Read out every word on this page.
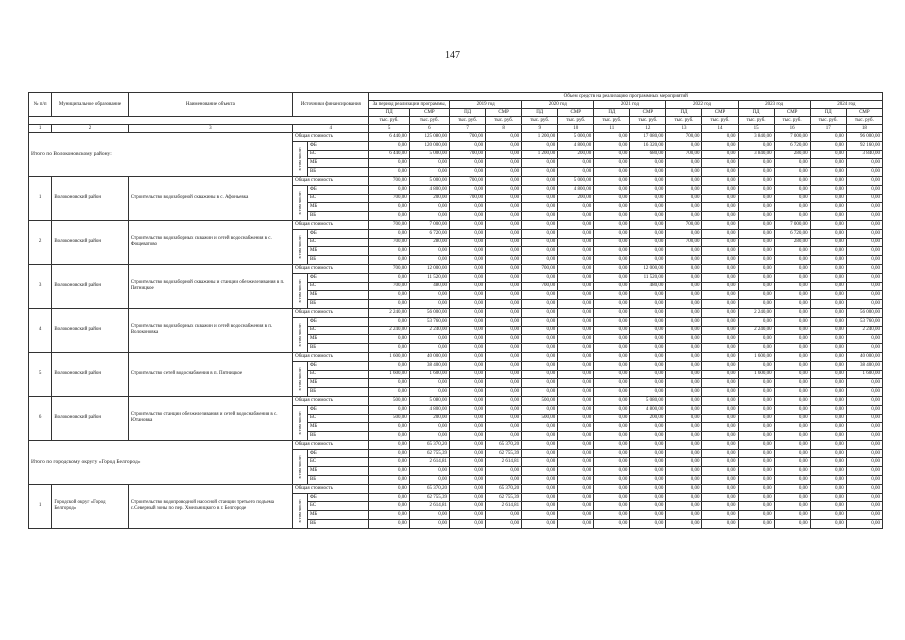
147
№ п/п	Муниципальное образование	Наименование объекта	Источники финансирования		Объем средств на реализацию программных мероприятий													
					За период реализации программы,		2019 год		2020 год		2021 год		2022 год		2023 год		2024 год	

					ПД	СМР	ПД	СМР	ПД	СМР	ПД	СМР	ПД	СМР	ПД	СМР	ПД	СМР
					тыс. руб.	тыс. руб.	тыс. руб.	тыс. руб.	тыс. руб.	тыс. руб.	тыс. руб.	тыс. руб.	тыс. руб.	тыс. руб.	тыс. руб.	тыс. руб.	тыс. руб.	тыс. руб.
1	2	3	4		5	6	7	8	9	10	11	12	13	14	15	16	17	18
Итого по Волоконовскому району:			Общая стоимость		6 440,00	125 080,00	700,00	0,00	1 200,00	5 000,00	0,00	17 080,00	700,00	0,00	3 840,00	7 000,00	0,00	96 000,00

			в том числе:	ФБ	0,00	120 000,00	0,00	0,00	0,00	4 800,00	0,00	16 320,00	0,00	0,00	0,00	6 720,00	0,00	92 160,00
				БС	6 440,00	5 000,00	700,00	0,00	1 200,00	200,00	0,00	680,00	700,00	0,00	3 840,00	280,00	0,00	3 840,00
				МБ	0,00	0,00	0,00	0,00	0,00	0,00	0,00	0,00	0,00	0,00	0,00	0,00	0,00	0,00
				ВБ	0,00	0,00	0,00	0,00	0,00	0,00	0,00	0,00	0,00	0,00	0,00	0,00	0,00	0,00
1	Волоконовский район	Строительство водозаборной скважины в с. Афоньевка	Общая стоимость		700,00	5 000,00	700,00	0,00	0,00	5 000,00	0,00	0,00	0,00	0,00	0,00	0,00	0,00	0,00

			в том числе:	ФБ	0,00	4 800,00	0,00	0,00	0,00	4 800,00	0,00	0,00	0,00	0,00	0,00	0,00	0,00	0,00
				БС	700,00	200,00	700,00	0,00	0,00	200,00	0,00	0,00	0,00	0,00	0,00	0,00	0,00	0,00
				МБ	0,00	0,00	0,00	0,00	0,00	0,00	0,00	0,00	0,00	0,00	0,00	0,00	0,00	0,00
				ВБ	0,00	0,00	0,00	0,00	0,00	0,00	0,00	0,00	0,00	0,00	0,00	0,00	0,00	0,00
2	Волоконовский район	Строительство водозаборных скважин и сетей водоснабжения в с. Фощеватово	Общая стоимость		700,00	7 000,00	0,00	0,00	0,00	0,00	0,00	0,00	700,00	0,00	0,00	7 000,00	0,00	0,00

			в том числе:	ФБ	0,00	6 720,00	0,00	0,00	0,00	0,00	0,00	0,00	0,00	0,00	0,00	6 720,00	0,00	0,00
				БС	700,00	280,00	0,00	0,00	0,00	0,00	0,00	0,00	700,00	0,00	0,00	280,00	0,00	0,00
				МБ	0,00	0,00	0,00	0,00	0,00	0,00	0,00	0,00	0,00	0,00	0,00	0,00	0,00	0,00
				ВБ	0,00	0,00	0,00	0,00	0,00	0,00	0,00	0,00	0,00	0,00	0,00	0,00	0,00	0,00
3	Волоконовский район	Строительство водозаборной скважины и станции обезжелезивания в п. Пятницкое	Общая стоимость		700,00	12 000,00	0,00	0,00	700,00	0,00	0,00	12 000,00	0,00	0,00	0,00	0,00	0,00	0,00

			в том числе:	ФБ	0,00	11 520,00	0,00	0,00	0,00	0,00	0,00	11 520,00	0,00	0,00	0,00	0,00	0,00	0,00
				БС	700,00	480,00	0,00	0,00	700,00	0,00	0,00	480,00	0,00	0,00	0,00	0,00	0,00	0,00
				МБ	0,00	0,00	0,00	0,00	0,00	0,00	0,00	0,00	0,00	0,00	0,00	0,00	0,00	0,00
				ВБ	0,00	0,00	0,00	0,00	0,00	0,00	0,00	0,00	0,00	0,00	0,00	0,00	0,00	0,00
4	Волоконовский район	Строительство водозаборных скважин и сетей водоснабжения в п. Волоконовка	Общая стоимость		2 240,00	56 000,00	0,00	0,00	0,00	0,00	0,00	0,00	0,00	0,00	2 240,00	0,00	0,00	56 000,00

			в том числе:	ФБ	0,00	53 760,00	0,00	0,00	0,00	0,00	0,00	0,00	0,00	0,00	0,00	0,00	0,00	53 760,00
				БС	2 240,00	2 240,00	0,00	0,00	0,00	0,00	0,00	0,00	0,00	0,00	2 240,00	0,00	0,00	2 240,00
				МБ	0,00	0,00	0,00	0,00	0,00	0,00	0,00	0,00	0,00	0,00	0,00	0,00	0,00	0,00
				ВБ	0,00	0,00	0,00	0,00	0,00	0,00	0,00	0,00	0,00	0,00	0,00	0,00	0,00	0,00
5	Волоконовский район	Строительство сетей водоснабжения в п. Пятницкое	Общая стоимость		1 600,00	40 000,00	0,00	0,00	0,00	0,00	0,00	0,00	0,00	0,00	1 600,00	0,00	0,00	40 000,00

			в том числе:	ФБ	0,00	38 400,00	0,00	0,00	0,00	0,00	0,00	0,00	0,00	0,00	0,00	0,00	0,00	38 400,00
				БС	1 600,00	1 600,00	0,00	0,00	0,00	0,00	0,00	0,00	0,00	0,00	1 600,00	0,00	0,00	1 600,00
				МБ	0,00	0,00	0,00	0,00	0,00	0,00	0,00	0,00	0,00	0,00	0,00	0,00	0,00	0,00
				ВБ	0,00	0,00	0,00	0,00	0,00	0,00	0,00	0,00	0,00	0,00	0,00	0,00	0,00	0,00
6	Волоконовский район	Строительство станции обезжелезивания и сетей водоснабжения в с. Ютановка	Общая стоимость		500,00	5 080,00	0,00	0,00	500,00	0,00	0,00	5 080,00	0,00	0,00	0,00	0,00	0,00	0,00

			в том числе:	ФБ	0,00	4 800,00	0,00	0,00	0,00	0,00	0,00	4 800,00	0,00	0,00	0,00	0,00	0,00	0,00
				БС	500,00	200,00	0,00	0,00	500,00	0,00	0,00	200,00	0,00	0,00	0,00	0,00	0,00	0,00
				МБ	0,00	0,00	0,00	0,00	0,00	0,00	0,00	0,00	0,00	0,00	0,00	0,00	0,00	0,00
				ВБ	0,00	0,00	0,00	0,00	0,00	0,00	0,00	0,00	0,00	0,00	0,00	0,00	0,00	0,00
Итого по городскому округу «Город Белгород»			Общая стоимость		0,00	65 370,20	0,00	65 370,20	0,00	0,00	0,00	0,00	0,00	0,00	0,00	0,00	0,00	0,00

			в том числе:	ФБ	0,00	62 755,39	0,00	62 755,39	0,00	0,00	0,00	0,00	0,00	0,00	0,00	0,00	0,00	0,00
				БС	0,00	2 614,81	0,00	2 614,81	0,00	0,00	0,00	0,00	0,00	0,00	0,00	0,00	0,00	0,00
				МБ	0,00	0,00	0,00	0,00	0,00	0,00	0,00	0,00	0,00	0,00	0,00	0,00	0,00	0,00
				ВБ	0,00	0,00	0,00	0,00	0,00	0,00	0,00	0,00	0,00	0,00	0,00	0,00	0,00	0,00
1	Городской округ «Город Белгород»	Строительство водопроводной насосной станции третьего подъема с.Северный зоны по пер. Хмельницкого в г. Белгороде	Общая стоимость		0,00	65 370,20	0,00	65 370,20	0,00	0,00	0,00	0,00	0,00	0,00	0,00	0,00	0,00	0,00

			в том числе:	ФБ	0,00	62 755,39	0,00	62 755,39	0,00	0,00	0,00	0,00	0,00	0,00	0,00	0,00	0,00	0,00
				БС	0,00	2 614,81	0,00	2 614,81	0,00	0,00	0,00	0,00	0,00	0,00	0,00	0,00	0,00	0,00
				МБ	0,00	0,00	0,00	0,00	0,00	0,00	0,00	0,00	0,00	0,00	0,00	0,00	0,00	0,00
				ВБ	0,00	0,00	0,00	0,00	0,00	0,00	0,00	0,00	0,00	0,00	0,00	0,00	0,00	0,00
